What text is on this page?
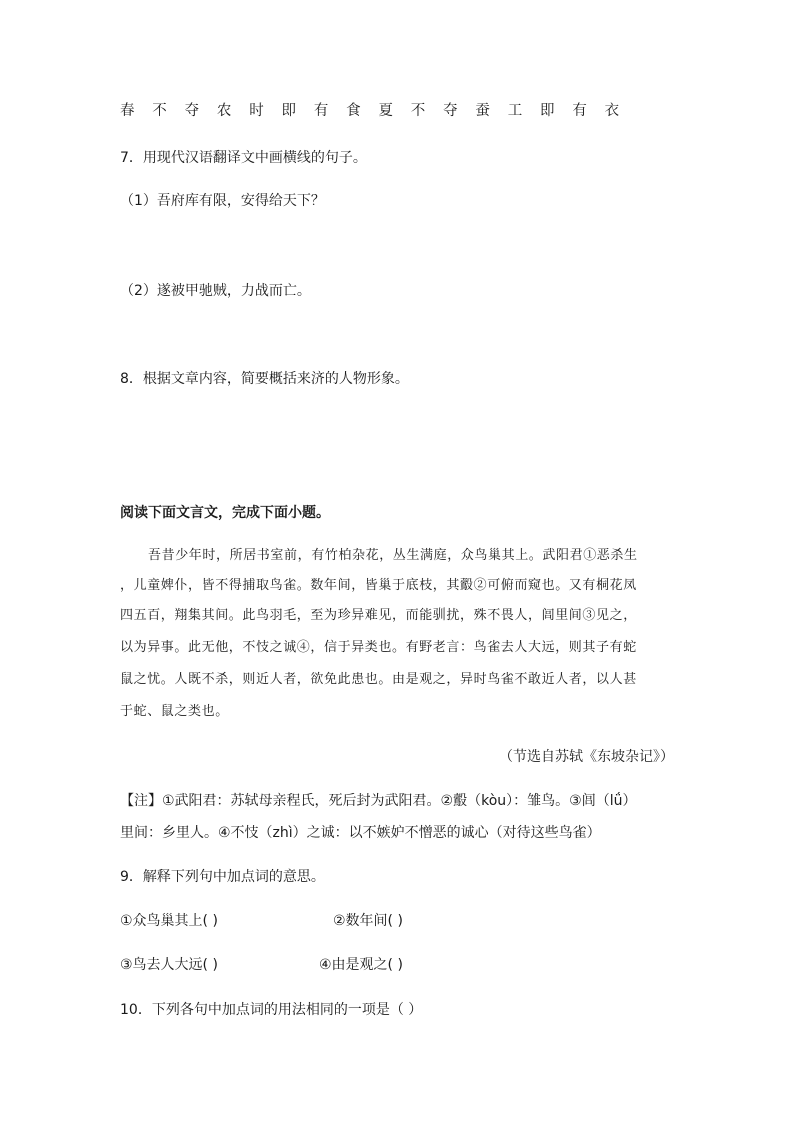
春 不 夺 农 时 即 有 食 夏 不 夺 蚕 工 即 有 衣
7．用现代汉语翻译文中画横线的句子。
（1）吾府库有限，安得给天下？
（2）遂被甲驰贼，力战而亡。
8．根据文章内容，简要概括来济的人物形象。
阅读下面文言文，完成下面小题。
吾昔少年时，所居书室前，有竹柏杂花，丛生满庭，众鸟巢其上。武阳君①恶杀生
，儿童婢仆，皆不得捕取鸟雀。数年间，皆巢于底枝，其鷇②可俯而窥也。又有桐花凤
四五百，翔集其间。此鸟羽毛，至为珍异难见，而能驯扰，殊不畏人，闾里间③见之，
以为异事。此无他，不忮之诚④，信于异类也。有野老言：鸟雀去人大远，则其子有蛇
鼠之忧。人既不杀，则近人者，欲免此患也。由是观之，异时鸟雀不敢近人者，以人甚
于蛇、鼠之类也。
（节选自苏轼《东坡杂记》）
【注】①武阳君：苏轼母亲程氏，死后封为武阳君。②鷇（kòu）：雏鸟。③闾（lǘ）
里间：乡里人。④不忮（zhì）之诚：以不嫉妒不憎恶的诚心（对待这些鸟雀）
9．解释下列句中加点词的意思。
①众鸟巢其上( )	②数年间( )
③鸟去人大远( )	④由是观之( )
10．下列各句中加点词的用法相同的一项是（ ）
